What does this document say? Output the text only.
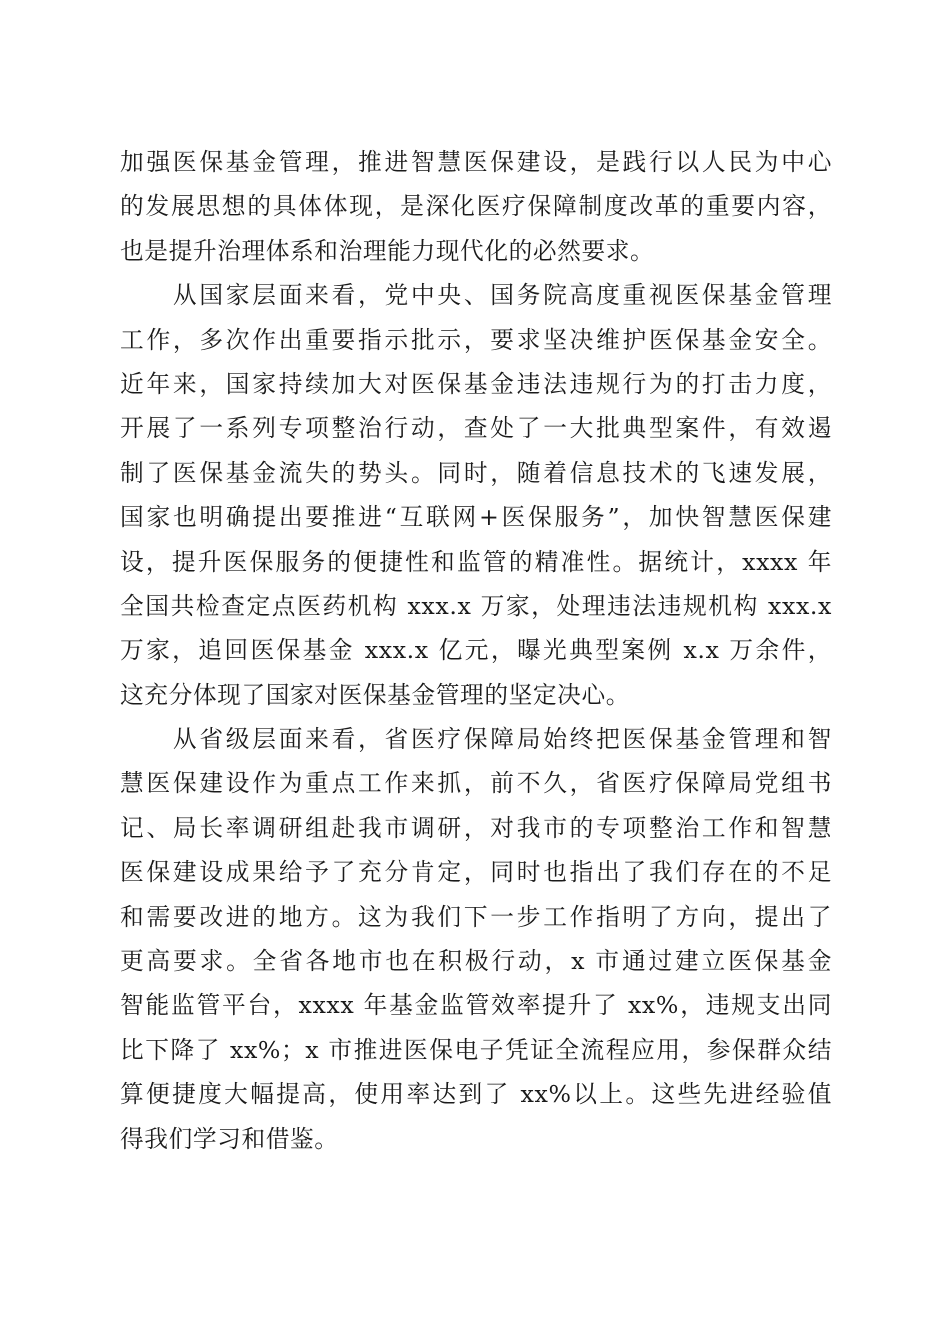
加强医保基金管理，推进智慧医保建设，是践行以人民为中心
的发展思想的具体体现，是深化医疗保障制度改革的重要内容，
也是提升治理体系和治理能力现代化的必然要求。
　　从国家层面来看，党中央、国务院高度重视医保基金管理
工作，多次作出重要指示批示，要求坚决维护医保基金安全。
近年来，国家持续加大对医保基金违法违规行为的打击力度，
开展了一系列专项整治行动，查处了一大批典型案件，有效遏
制了医保基金流失的势头。同时，随着信息技术的飞速发展，
国家也明确提出要推进“互联网+医保服务”，加快智慧医保建
设，提升医保服务的便捷性和监管的精准性。据统计，xxxx 年
全国共检查定点医药机构 xxx.x 万家，处理违法违规机构 xxx.x
万家，追回医保基金 xxx.x 亿元，曝光典型案例 x.x 万余件，
这充分体现了国家对医保基金管理的坚定决心。
　　从省级层面来看，省医疗保障局始终把医保基金管理和智
慧医保建设作为重点工作来抓，前不久，省医疗保障局党组书
记、局长率调研组赴我市调研，对我市的专项整治工作和智慧
医保建设成果给予了充分肯定，同时也指出了我们存在的不足
和需要改进的地方。这为我们下一步工作指明了方向，提出了
更高要求。全省各地市也在积极行动，x 市通过建立医保基金
智能监管平台，xxxx 年基金监管效率提升了 xx%，违规支出同
比下降了 xx%；x 市推进医保电子凭证全流程应用，参保群众结
算便捷度大幅提高，使用率达到了 xx%以上。这些先进经验值
得我们学习和借鉴。
